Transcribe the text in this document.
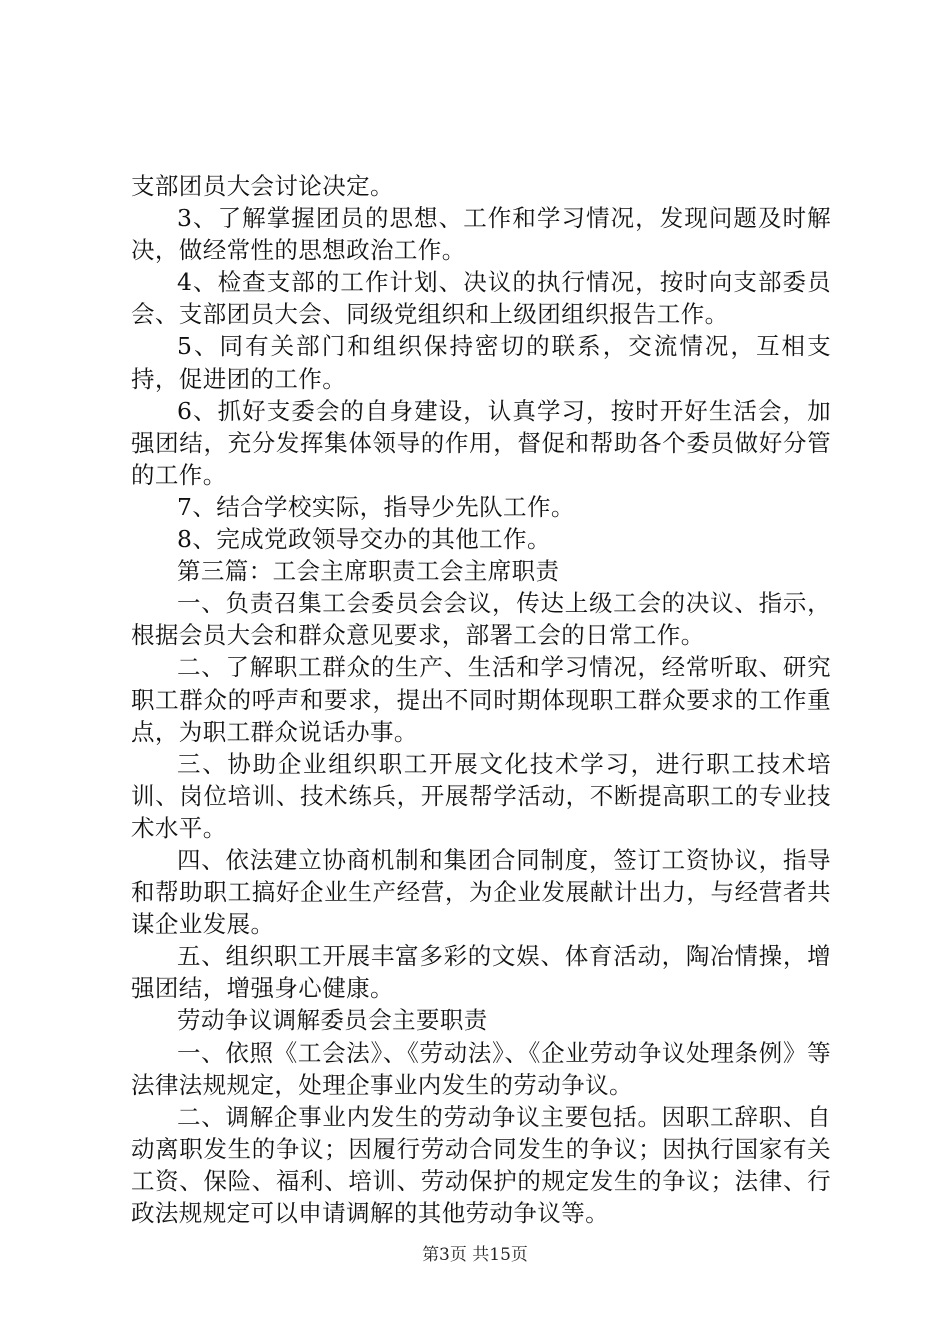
支部团员大会讨论决定。

3、了解掌握团员的思想、工作和学习情况，发现问题及时解决，做经常性的思想政治工作。

4、检查支部的工作计划、决议的执行情况，按时向支部委员会、支部团员大会、同级党组织和上级团组织报告工作。

5、同有关部门和组织保持密切的联系，交流情况，互相支持，促进团的工作。

6、抓好支委会的自身建设，认真学习，按时开好生活会，加强团结，充分发挥集体领导的作用，督促和帮助各个委员做好分管的工作。

7、结合学校实际，指导少先队工作。

8、完成党政领导交办的其他工作。

第三篇：工会主席职责工会主席职责

一、负责召集工会委员会会议，传达上级工会的决议、指示，根据会员大会和群众意见要求，部署工会的日常工作。

二、了解职工群众的生产、生活和学习情况，经常听取、研究职工群众的呼声和要求，提出不同时期体现职工群众要求的工作重点，为职工群众说话办事。

三、协助企业组织职工开展文化技术学习，进行职工技术培训、岗位培训、技术练兵，开展帮学活动，不断提高职工的专业技术水平。

四、依法建立协商机制和集团合同制度，签订工资协议，指导和帮助职工搞好企业生产经营，为企业发展献计出力，与经营者共谋企业发展。

五、组织职工开展丰富多彩的文娱、体育活动，陶冶情操，增强团结，增强身心健康。

劳动争议调解委员会主要职责

一、依照《工会法》、《劳动法》、《企业劳动争议处理条例》等法律法规规定，处理企事业内发生的劳动争议。

二、调解企事业内发生的劳动争议主要包括。因职工辞职、自动离职发生的争议；因履行劳动合同发生的争议；因执行国家有关工资、保险、福利、培训、劳动保护的规定发生的争议；法律、行政法规规定可以申请调解的其他劳动争议等。

第3页 共15页
